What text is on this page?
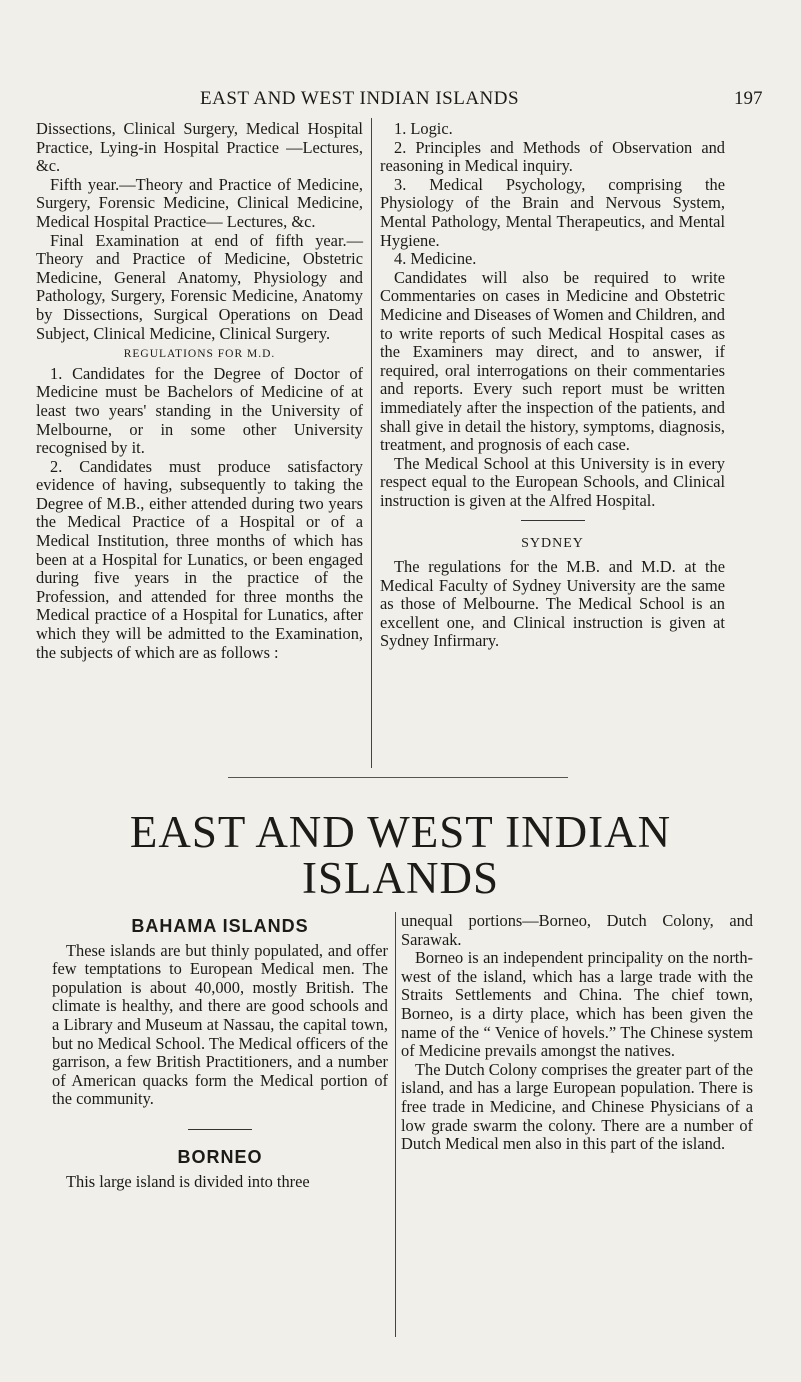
EAST AND WEST INDIAN ISLANDS	197

Dissections, Clinical Surgery, Medical Hospital Practice, Lying-in Hospital Practice —Lectures, &c.

Fifth year.—Theory and Practice of Medicine, Surgery, Forensic Medicine, Clinical Medicine, Medical Hospital Practice— Lectures, &c.

Final Examination at end of fifth year.—Theory and Practice of Medicine, Obstetric Medicine, General Anatomy, Physiology and Pathology, Surgery, Forensic Medicine, Anatomy by Dissections, Surgical Operations on Dead Subject, Clinical Medicine, Clinical Surgery.

REGULATIONS FOR M.D.

1. Candidates for the Degree of Doctor of Medicine must be Bachelors of Medicine of at least two years' standing in the University of Melbourne, or in some other University recognised by it.

2. Candidates must produce satisfactory evidence of having, subsequently to taking the Degree of M.B., either attended during two years the Medical Practice of a Hospital or of a Medical Institution, three months of which has been at a Hospital for Lunatics, or been engaged during five years in the practice of the Profession, and attended for three months the Medical practice of a Hospital for Lunatics, after which they will be admitted to the Examination, the subjects of which are as follows :

1. Logic.

2. Principles and Methods of Observation and reasoning in Medical inquiry.

3. Medical Psychology, comprising the Physiology of the Brain and Nervous System, Mental Pathology, Mental Therapeutics, and Mental Hygiene.

4. Medicine.

Candidates will also be required to write Commentaries on cases in Medicine and Obstetric Medicine and Diseases of Women and Children, and to write reports of such Medical Hospital cases as the Examiners may direct, and to answer, if required, oral interrogations on their commentaries and reports. Every such report must be written immediately after the inspection of the patients, and shall give in detail the history, symptoms, diagnosis, treatment, and prognosis of each case.

The Medical School at this University is in every respect equal to the European Schools, and Clinical instruction is given at the Alfred Hospital.

SYDNEY

The regulations for the M.B. and M.D. at the Medical Faculty of Sydney University are the same as those of Melbourne. The Medical School is an excellent one, and Clinical instruction is given at Sydney Infirmary.

EAST AND WEST INDIAN
ISLANDS
BAHAMA ISLANDS

These islands are but thinly populated, and offer few temptations to European Medical men. The population is about 40,000, mostly British. The climate is healthy, and there are good schools and a Library and Museum at Nassau, the capital town, but no Medical School. The Medical officers of the garrison, a few British Practitioners, and a number of American quacks form the Medical portion of the community.

BORNEO

This large island is divided into three

unequal portions—Borneo, Dutch Colony, and Sarawak.

Borneo is an independent principality on the north-west of the island, which has a large trade with the Straits Settlements and China. The chief town, Borneo, is a dirty place, which has been given the name of the “ Venice of hovels.” The Chinese system of Medicine prevails amongst the natives.

The Dutch Colony comprises the greater part of the island, and has a large European population. There is free trade in Medicine, and Chinese Physicians of a low grade swarm the colony. There are a number of Dutch Medical men also in this part of the island.
